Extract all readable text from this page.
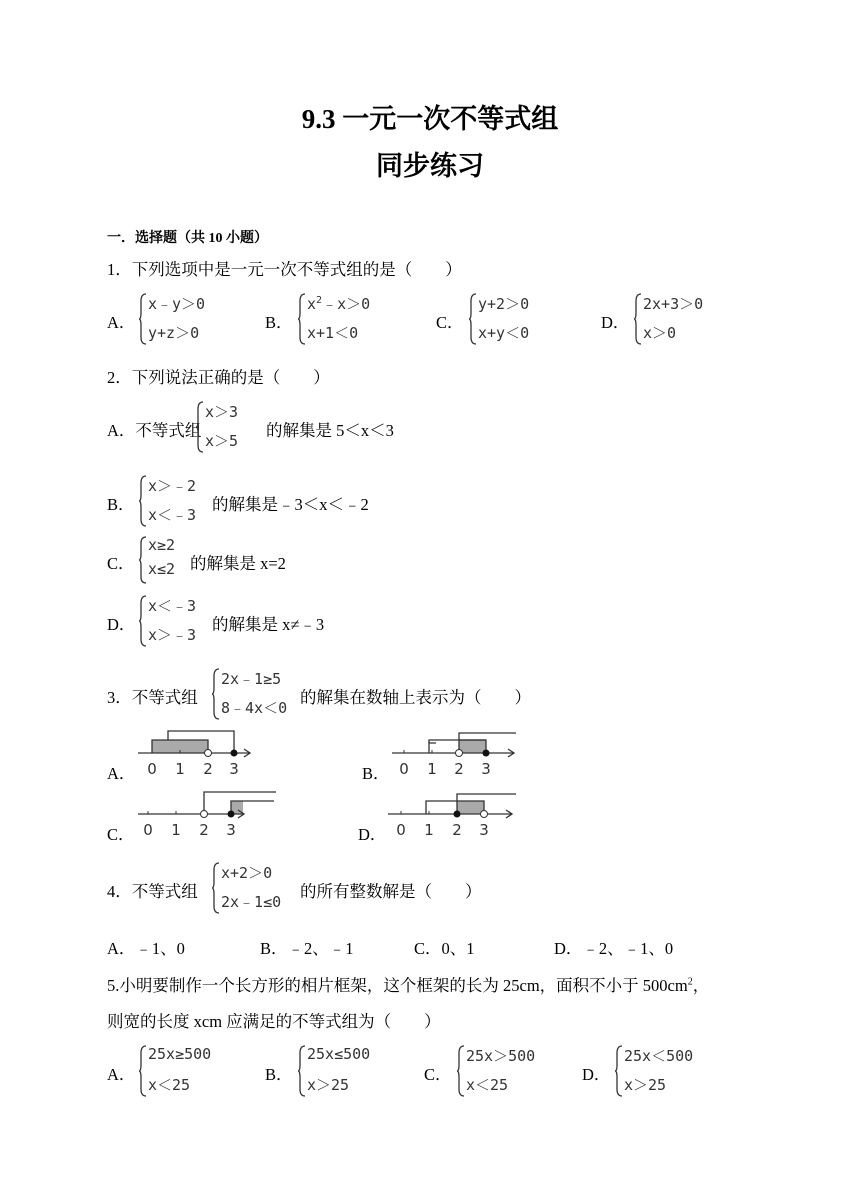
9.3 一元一次不等式组
同步练习
一．选择题（共 10 小题）
1．下列选项中是一元一次不等式组的是（　　）
A．
x﹣y＞0
y+z＞0
B．
$x^2﹣x>0$
x+1＜0
C．
y+2＞0
x+y＜0
D．
2x+3＞0
x＞0
2．下列说法正确的是（　　）
A．不等式组
x＞3
x＞5
的解集是 5＜x＜3
B．
x＞﹣2
x＜﹣3
的解集是﹣3＜x＜﹣2
C．
x≥2
x≤2 的解集是 x=2
D．
x＜﹣3
x＞﹣3
的解集是 x≠﹣3
3．不等式组
2x﹣1≥5
8﹣4x＜0
的解集在数轴上表示为（　　）
A． 0 1 2 3	B． 0 1 2 3
C． 0 1 2 3	D． 0 1 2 3
4．不等式组
x+2＞0
2x﹣1≤0
的所有整数解是（　　）
A．﹣1、0	B．﹣2、﹣1	C．0、1	D．﹣2、﹣1、0
5.小明要制作一个长方形的相片框架，这个框架的长为 25cm，面积不小于 $500cm^2$，
则宽的长度 xcm 应满足的不等式组为（　　）
A．
25x≥500
x＜25
B．
25x≤500
x＞25
C．
25x＞500
x＜25
D．
25x＜500
x＞25
